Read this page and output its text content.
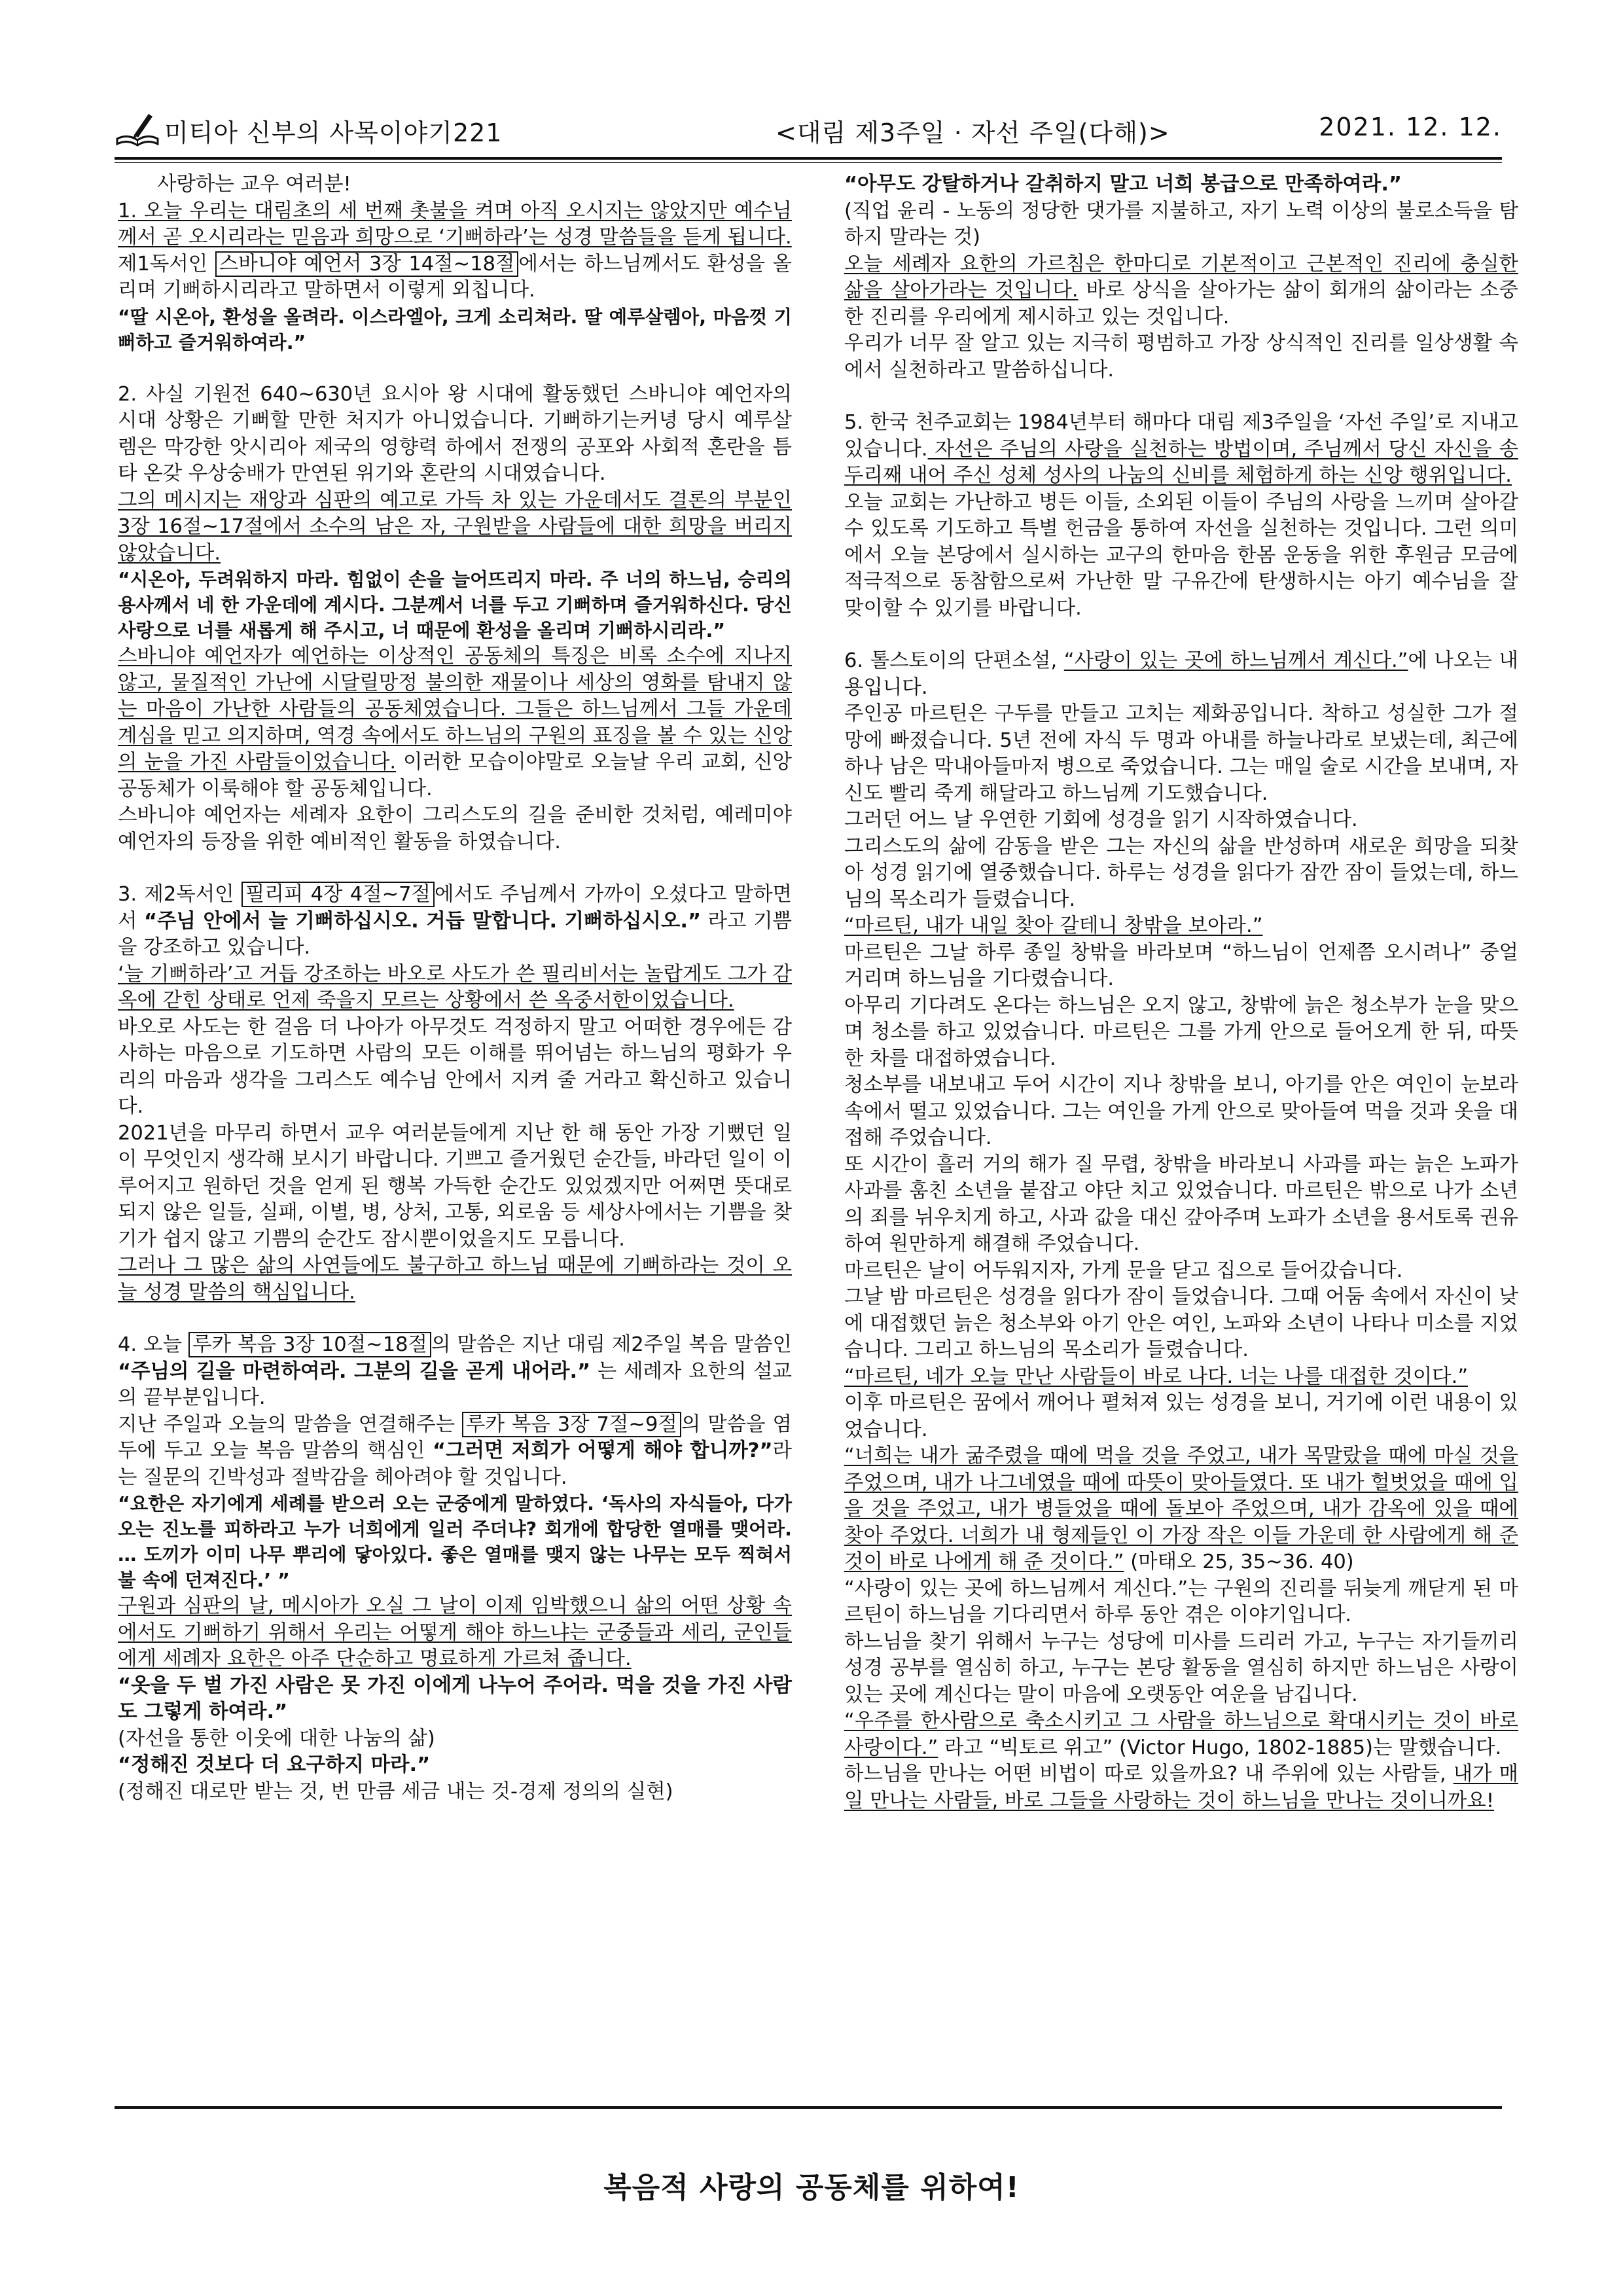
미티아 신부의 사목이야기221	<대림 제3주일 · 자선 주일(다해)>	2021. 12. 12.

사랑하는 교우 여러분!

1. 오늘 우리는 대림초의 세 번째 촛불을 켜며 아직 오시지는 않았지만 예수님께서 곧 오시리라는 믿음과 희망으로 ‘기뻐하라’는 성경 말씀들을 듣게 됩니다.

제1독서인 스바니야 예언서 3장 14절∼18절 에서는 하느님께서도 환성을 올리며 기뻐하시리라고 말하면서 이렇게 외칩니다.

“딸 시온아, 환성을 올려라. 이스라엘아, 크게 소리쳐라. 딸 예루살렘아, 마음껏 기뻐하고 즐거워하여라.”

2. 사실 기원전 640∼630년 요시아 왕 시대에 활동했던 스바니야 예언자의 시대 상황은 기뻐할 만한 처지가 아니었습니다. 기뻐하기는커녕 당시 예루살렘은 막강한 앗시리아 제국의 영향력 하에서 전쟁의 공포와 사회적 혼란을 틈타 온갖 우상숭배가 만연된 위기와 혼란의 시대였습니다.

그의 메시지는 재앙과 심판의 예고로 가득 차 있는 가운데서도 결론의 부분인 3장 16절∼17절에서 소수의 남은 자, 구원받을 사람들에 대한 희망을 버리지 않았습니다.

“시온아, 두려워하지 마라. 힘없이 손을 늘어뜨리지 마라. 주 너의 하느님, 승리의 용사께서 네 한 가운데에 계시다. 그분께서 너를 두고 기뻐하며 즐거워하신다. 당신 사랑으로 너를 새롭게 해 주시고, 너 때문에 환성을 올리며 기뻐하시리라.”

스바니야 예언자가 예언하는 이상적인 공동체의 특징은 비록 소수에 지나지 않고, 물질적인 가난에 시달릴망정 불의한 재물이나 세상의 영화를 탐내지 않는 마음이 가난한 사람들의 공동체였습니다. 그들은 하느님께서 그들 가운데 계심을 믿고 의지하며, 역경 속에서도 하느님의 구원의 표징을 볼 수 있는 신앙의 눈을 가진 사람들이었습니다. 이러한 모습이야말로 오늘날 우리 교회, 신앙 공동체가 이룩해야 할 공동체입니다.

스바니야 예언자는 세례자 요한이 그리스도의 길을 준비한 것처럼, 예레미야 예언자의 등장을 위한 예비적인 활동을 하였습니다.

3. 제2독서인 필리피 4장 4절∼7절 에서도 주님께서 가까이 오셨다고 말하면서 “주님 안에서 늘 기뻐하십시오. 거듭 말합니다. 기뻐하십시오.” 라고 기쁨을 강조하고 있습니다.

‘늘 기뻐하라’고 거듭 강조하는 바오로 사도가 쓴 필리비서는 놀랍게도 그가 감옥에 갇힌 상태로 언제 죽을지 모르는 상황에서 쓴 옥중서한이었습니다.

바오로 사도는 한 걸음 더 나아가 아무것도 걱정하지 말고 어떠한 경우에든 감사하는 마음으로 기도하면 사람의 모든 이해를 뛰어넘는 하느님의 평화가 우리의 마음과 생각을 그리스도 예수님 안에서 지켜 줄 거라고 확신하고 있습니다.

2021년을 마무리 하면서 교우 여러분들에게 지난 한 해 동안 가장 기뻤던 일이 무엇인지 생각해 보시기 바랍니다. 기쁘고 즐거웠던 순간들, 바라던 일이 이루어지고 원하던 것을 얻게 된 행복 가득한 순간도 있었겠지만 어쩌면 뜻대로 되지 않은 일들, 실패, 이별, 병, 상처, 고통, 외로움 등 세상사에서는 기쁨을 찾기가 쉽지 않고 기쁨의 순간도 잠시뿐이었을지도 모릅니다.

그러나 그 많은 삶의 사연들에도 불구하고 하느님 때문에 기뻐하라는 것이 오늘 성경 말씀의 핵심입니다.

4. 오늘 루카 복음 3장 10절∼18절 의 말씀은 지난 대림 제2주일 복음 말씀인 “주님의 길을 마련하여라. 그분의 길을 곧게 내어라.” 는 세례자 요한의 설교의 끝부분입니다.

지난 주일과 오늘의 말씀을 연결해주는 루카 복음 3장 7절∼9절 의 말씀을 염두에 두고 오늘 복음 말씀의 핵심인 “그러면 저희가 어떻게 해야 합니까?”라는 질문의 긴박성과 절박감을 헤아려야 할 것입니다.

“요한은 자기에게 세례를 받으러 오는 군중에게 말하였다. ‘독사의 자식들아, 다가오는 진노를 피하라고 누가 너희에게 일러 주더냐? 회개에 합당한 열매를 맺어라. … 도끼가 이미 나무 뿌리에 닿아있다. 좋은 열매를 맺지 않는 나무는 모두 찍혀서 불 속에 던져진다.’ ”

구원과 심판의 날, 메시아가 오실 그 날이 이제 임박했으니 삶의 어떤 상황 속에서도 기뻐하기 위해서 우리는 어떻게 해야 하느냐는 군중들과 세리, 군인들에게 세례자 요한은 아주 단순하고 명료하게 가르쳐 줍니다.

“옷을 두 벌 가진 사람은 못 가진 이에게 나누어 주어라. 먹을 것을 가진 사람도 그렇게 하여라.”

(자선을 통한 이웃에 대한 나눔의 삶)

“정해진 것보다 더 요구하지 마라.”

(정해진 대로만 받는 것, 번 만큼 세금 내는 것-경제 정의의 실현)

“아무도 강탈하거나 갈취하지 말고 너희 봉급으로 만족하여라.”

(직업 윤리 - 노동의 정당한 댓가를 지불하고, 자기 노력 이상의 불로소득을 탐하지 말라는 것)

오늘 세례자 요한의 가르침은 한마디로 기본적이고 근본적인 진리에 충실한 삶을 살아가라는 것입니다. 바로 상식을 살아가는 삶이 회개의 삶이라는 소중한 진리를 우리에게 제시하고 있는 것입니다.

우리가 너무 잘 알고 있는 지극히 평범하고 가장 상식적인 진리를 일상생활 속에서 실천하라고 말씀하십니다.

5. 한국 천주교회는 1984년부터 해마다 대림 제3주일을 ‘자선 주일’로 지내고 있습니다. 자선은 주님의 사랑을 실천하는 방법이며, 주님께서 당신 자신을 송두리째 내어 주신 성체 성사의 나눔의 신비를 체험하게 하는 신앙 행위입니다.

오늘 교회는 가난하고 병든 이들, 소외된 이들이 주님의 사랑을 느끼며 살아갈 수 있도록 기도하고 특별 헌금을 통하여 자선을 실천하는 것입니다. 그런 의미에서 오늘 본당에서 실시하는 교구의 한마음 한몸 운동을 위한 후원금 모금에 적극적으로 동참함으로써 가난한 말 구유간에 탄생하시는 아기 예수님을 잘 맞이할 수 있기를 바랍니다.

6. 톨스토이의 단편소설, “사랑이 있는 곳에 하느님께서 계신다.”에 나오는 내용입니다.

주인공 마르틴은 구두를 만들고 고치는 제화공입니다. 착하고 성실한 그가 절망에 빠졌습니다. 5년 전에 자식 두 명과 아내를 하늘나라로 보냈는데, 최근에 하나 남은 막내아들마저 병으로 죽었습니다. 그는 매일 술로 시간을 보내며, 자신도 빨리 죽게 해달라고 하느님께 기도했습니다.

그러던 어느 날 우연한 기회에 성경을 읽기 시작하였습니다.

그리스도의 삶에 감동을 받은 그는 자신의 삶을 반성하며 새로운 희망을 되찾아 성경 읽기에 열중했습니다. 하루는 성경을 읽다가 잠깐 잠이 들었는데, 하느님의 목소리가 들렸습니다.

“마르틴, 내가 내일 찾아 갈테니 창밖을 보아라.”

마르틴은 그날 하루 종일 창밖을 바라보며 “하느님이 언제쯤 오시려나” 중얼거리며 하느님을 기다렸습니다.

아무리 기다려도 온다는 하느님은 오지 않고, 창밖에 늙은 청소부가 눈을 맞으며 청소를 하고 있었습니다. 마르틴은 그를 가게 안으로 들어오게 한 뒤, 따뜻한 차를 대접하였습니다.

청소부를 내보내고 두어 시간이 지나 창밖을 보니, 아기를 안은 여인이 눈보라 속에서 떨고 있었습니다. 그는 여인을 가게 안으로 맞아들여 먹을 것과 옷을 대접해 주었습니다.

또 시간이 흘러 거의 해가 질 무렵, 창밖을 바라보니 사과를 파는 늙은 노파가 사과를 훔친 소년을 붙잡고 야단 치고 있었습니다. 마르틴은 밖으로 나가 소년의 죄를 뉘우치게 하고, 사과 값을 대신 갚아주며 노파가 소년을 용서토록 권유하여 원만하게 해결해 주었습니다.

마르틴은 날이 어두워지자, 가게 문을 닫고 집으로 들어갔습니다.

그날 밤 마르틴은 성경을 읽다가 잠이 들었습니다. 그때 어둠 속에서 자신이 낮에 대접했던 늙은 청소부와 아기 안은 여인, 노파와 소년이 나타나 미소를 지었습니다. 그리고 하느님의 목소리가 들렸습니다.

“마르틴, 네가 오늘 만난 사람들이 바로 나다. 너는 나를 대접한 것이다.”

이후 마르틴은 꿈에서 깨어나 펼쳐져 있는 성경을 보니, 거기에 이런 내용이 있었습니다.

“너희는 내가 굶주렸을 때에 먹을 것을 주었고, 내가 목말랐을 때에 마실 것을 주었으며, 내가 나그네였을 때에 따뜻이 맞아들였다. 또 내가 헐벗었을 때에 입을 것을 주었고, 내가 병들었을 때에 돌보아 주었으며, 내가 감옥에 있을 때에 찾아 주었다. 너희가 내 형제들인 이 가장 작은 이들 가운데 한 사람에게 해 준 것이 바로 나에게 해 준 것이다.” (마태오 25, 35∼36. 40)

“사랑이 있는 곳에 하느님께서 계신다.”는 구원의 진리를 뒤늦게 깨닫게 된 마르틴이 하느님을 기다리면서 하루 동안 겪은 이야기입니다.

하느님을 찾기 위해서 누구는 성당에 미사를 드리러 가고, 누구는 자기들끼리 성경 공부를 열심히 하고, 누구는 본당 활동을 열심히 하지만 하느님은 사랑이 있는 곳에 계신다는 말이 마음에 오랫동안 여운을 남깁니다.

“우주를 한사람으로 축소시키고 그 사람을 하느님으로 확대시키는 것이 바로 사랑이다.” 라고 “빅토르 위고” (Victor Hugo, 1802-1885)는 말했습니다.

하느님을 만나는 어떤 비법이 따로 있을까요? 내 주위에 있는 사람들, 내가 매일 만나는 사람들, 바로 그들을 사랑하는 것이 하느님을 만나는 것이니까요!

복음적 사랑의 공동체를 위하여!
